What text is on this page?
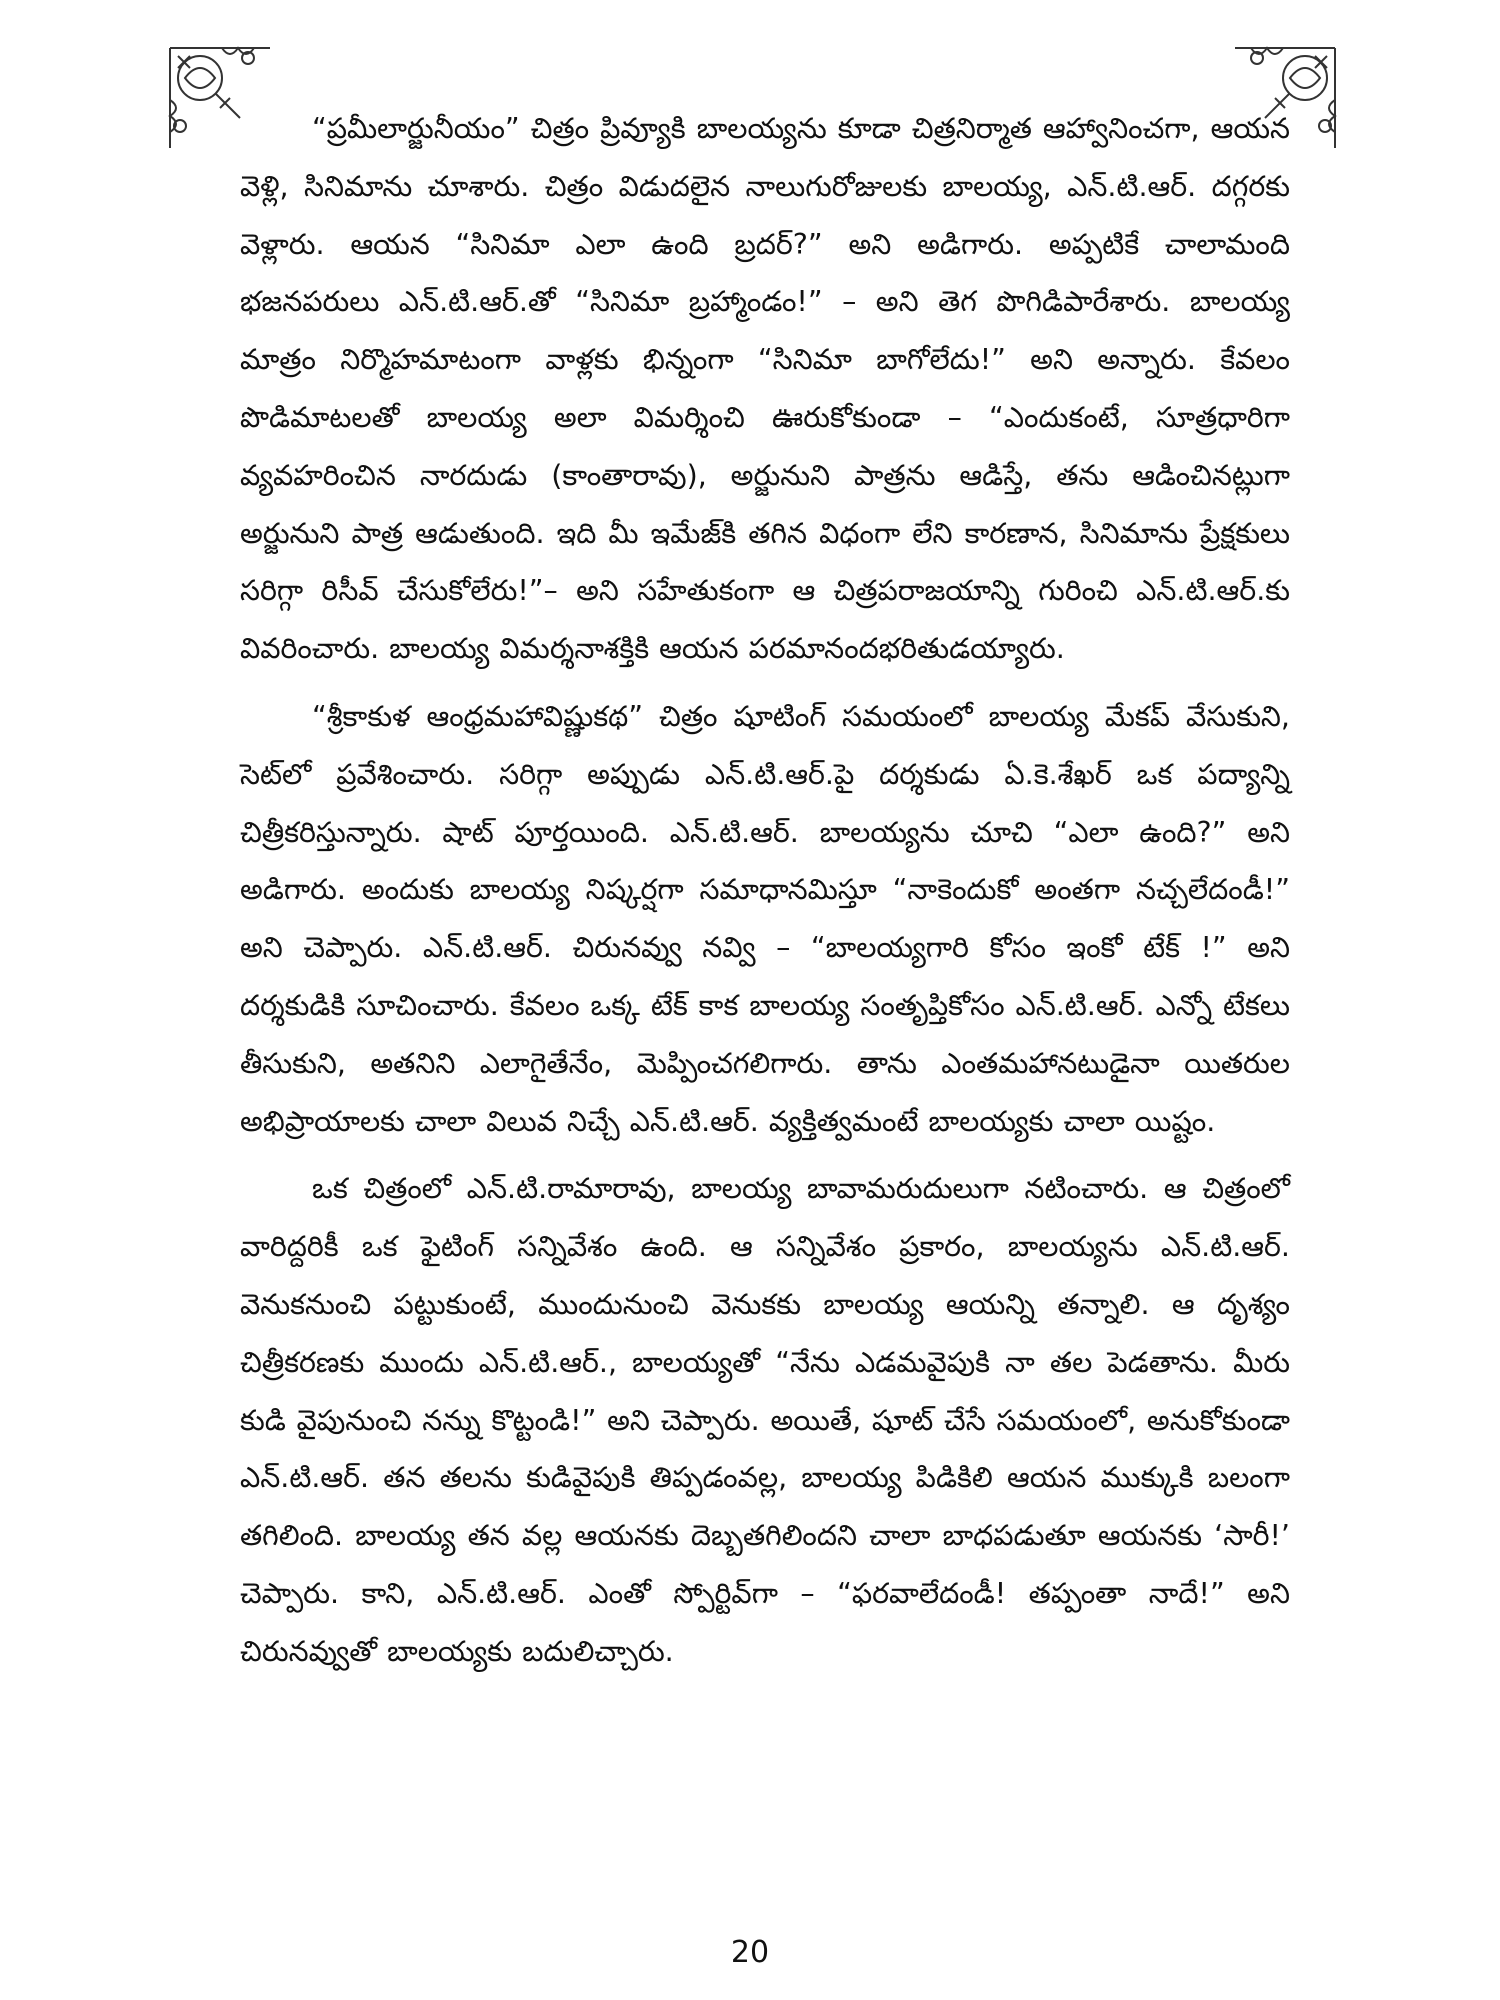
“ప్రమీలార్జునీయం” చిత్రం ప్రివ్యూకి బాలయ్యను కూడా చిత్రనిర్మాత ఆహ్వానించగా, ఆయన వెళ్లి, సినిమాను చూశారు. చిత్రం విడుదలైన నాలుగురోజులకు బాలయ్య, ఎన్.టి.ఆర్. దగ్గరకు వెళ్లారు. ఆయన “సినిమా ఎలా ఉంది బ్రదర్?” అని అడిగారు. అప్పటికే చాలామంది భజనపరులు ఎన్.టి.ఆర్.తో “సినిమా బ్రహ్మాండం!” – అని తెగ పొగిడిపారేశారు. బాలయ్య మాత్రం నిర్మొహమాటంగా వాళ్లకు భిన్నంగా “సినిమా బాగోలేదు!” అని అన్నారు. కేవలం పొడిమాటలతో బాలయ్య అలా విమర్శించి ఊరుకోకుండా – “ఎందుకంటే, సూత్రధారిగా వ్యవహరించిన నారదుడు (కాంతారావు), అర్జునుని పాత్రను ఆడిస్తే, తను ఆడించినట్లుగా అర్జునుని పాత్ర ఆడుతుంది. ఇది మీ ఇమేజ్‌కి తగిన విధంగా లేని కారణాన, సినిమాను ప్రేక్షకులు సరిగ్గా రిసీవ్ చేసుకోలేరు!”– అని సహేతుకంగా ఆ చిత్రపరాజయాన్ని గురించి ఎన్.టి.ఆర్.కు వివరించారు. బాలయ్య విమర్శనాశక్తికి ఆయన పరమానందభరితుడయ్యారు.

“శ్రీకాకుళ ఆంధ్రమహావిష్ణుకథ” చిత్రం షూటింగ్ సమయంలో బాలయ్య మేకప్ వేసుకుని, సెట్‌లో ప్రవేశించారు. సరిగ్గా అప్పుడు ఎన్.టి.ఆర్.పై దర్శకుడు ఏ.కె.శేఖర్ ఒక పద్యాన్ని చిత్రీకరిస్తున్నారు. షాట్ పూర్తయింది. ఎన్.టి.ఆర్. బాలయ్యను చూచి “ఎలా ఉంది?” అని అడిగారు. అందుకు బాలయ్య నిష్కర్షగా సమాధానమిస్తూ “నాకెందుకో అంతగా నచ్చలేదండీ!” అని చెప్పారు. ఎన్.టి.ఆర్. చిరునవ్వు నవ్వి – “బాలయ్యగారి కోసం ఇంకో టేక్ !” అని దర్శకుడికి సూచించారు. కేవలం ఒక్క టేక్ కాక బాలయ్య సంతృప్తికోసం ఎన్.టి.ఆర్. ఎన్నో టేకలు తీసుకుని, అతనిని ఎలాగైతేనేం, మెప్పించగలిగారు. తాను ఎంతమహానటుడైనా యితరుల అభిప్రాయాలకు చాలా విలువ నిచ్చే ఎన్.టి.ఆర్. వ్యక్తిత్వమంటే బాలయ్యకు చాలా యిష్టం.

ఒక చిత్రంలో ఎన్.టి.రామారావు, బాలయ్య బావామరుదులుగా నటించారు. ఆ చిత్రంలో వారిద్దరికీ ఒక ఫైటింగ్ సన్నివేశం ఉంది. ఆ సన్నివేశం ప్రకారం, బాలయ్యను ఎన్.టి.ఆర్. వెనుకనుంచి పట్టుకుంటే, ముందునుంచి వెనుకకు బాలయ్య ఆయన్ని తన్నాలి. ఆ దృశ్యం చిత్రీకరణకు ముందు ఎన్.టి.ఆర్., బాలయ్యతో “నేను ఎడమవైపుకి నా తల పెడతాను. మీరు కుడి వైపునుంచి నన్ను కొట్టండి!” అని చెప్పారు. అయితే, షూట్ చేసే సమయంలో, అనుకోకుండా ఎన్.టి.ఆర్. తన తలను కుడివైపుకి తిప్పడంవల్ల, బాలయ్య పిడికిలి ఆయన ముక్కుకి బలంగా తగిలింది. బాలయ్య తన వల్ల ఆయనకు దెబ్బతగిలిందని చాలా బాధపడుతూ ఆయనకు ‘సారీ!’ చెప్పారు. కాని, ఎన్.టి.ఆర్. ఎంతో స్పోర్టివ్‌గా – “ఫరవాలేదండీ! తప్పంతా నాదే!” అని చిరునవ్వుతో బాలయ్యకు బదులిచ్చారు.

20
